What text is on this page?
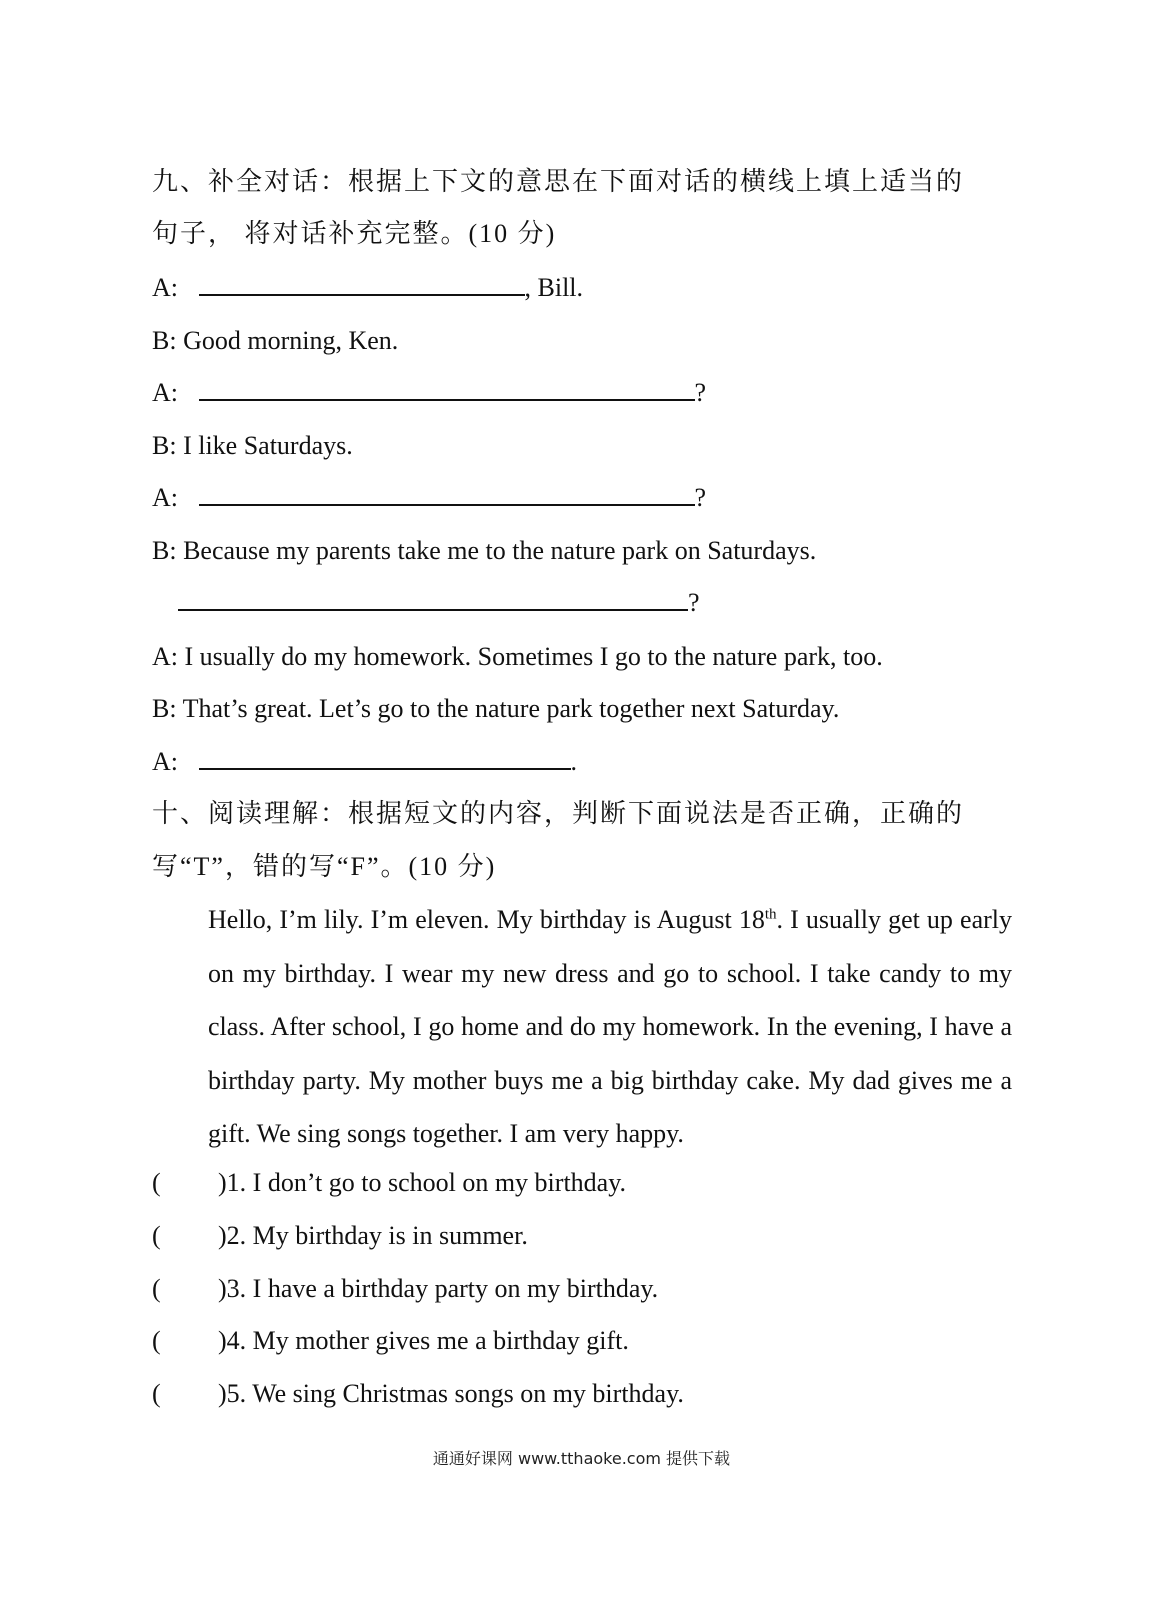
九、补全对话：根据上下文的意思在下面对话的横线上填上适当的
句子， 将对话补充完整。(10 分)
A:	, Bill.
B: Good morning, Ken.
A:	?
B: I like Saturdays.
A:	?
B: Because my parents take me to the nature park on Saturdays.
?
A: I usually do my homework. Sometimes I go to the nature park, too.
B: That’s great. Let’s go to the nature park together next Saturday.
A:	.
十、阅读理解：根据短文的内容，判断下面说法是否正确，正确的
写“T”，错的写“F”。(10 分)

Hello, I’m lily. I’m eleven. My birthday is August 18th. I usually get up early on my birthday. I wear my new dress and go to school. I take candy to my class. After school, I go home and do my homework. In the evening, I have a birthday party. My mother buys me a big birthday cake. My dad gives me a gift. We sing songs together. I am very happy.

( )1. I don’t go to school on my birthday.
( )2. My birthday is in summer.
( )3. I have a birthday party on my birthday.
( )4. My mother gives me a birthday gift.
( )5. We sing Christmas songs on my birthday.
通通好课网 www.tthaoke.com 提供下载
